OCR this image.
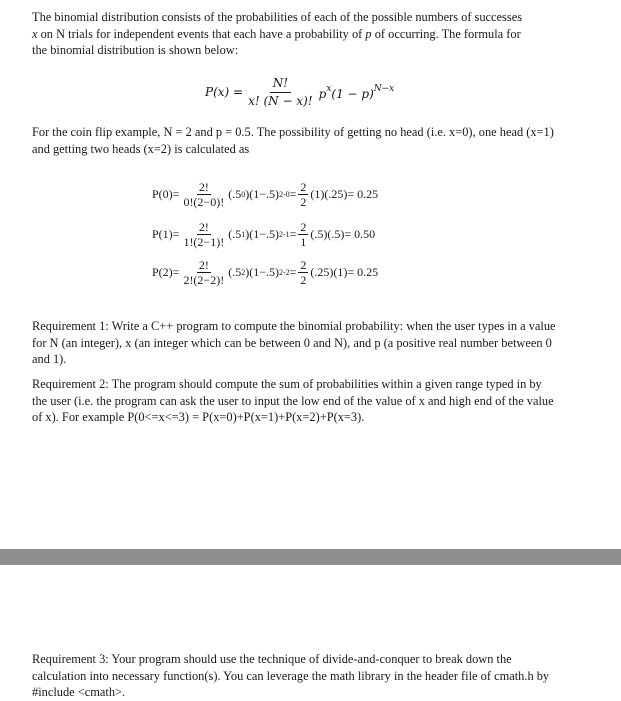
The binomial distribution consists of the probabilities of each of the possible numbers of successes
x on N trials for independent events that each have a probability of p of occurring. The formula for
the binomial distribution is shown below:

$P(x) = \frac{N!}{x! (N - x)!} p^x(1 - p)^{N-x}$

For the coin flip example, N = 2 and p = 0.5. The possibility of getting no head (i.e. x=0), one head (x=1)
and getting two heads (x=2) is calculated as

$P(0)= \frac{2!}{0!(2-0)!} (.5$ 0 )(1−.5) $2-0 = \frac{2}{2} (1)(.25)= 0.25$
$P(1)= \frac{2!}{1!(2-1)!} (.5$ 1 )(1−.5) $2-1 = \frac{2}{1} (.5)(.5)= 0.50$
$P(2)= \frac{2!}{2!(2-2)!} (.5$ 2 )(1−.5) $2-2 = \frac{2}{2} (.25)(1)= 0.25$

Requirement 1: Write a C++ program to compute the binomial probability: when the user types in a value
for N (an integer), x (an integer which can be between 0 and N), and p (a positive real number between 0
and 1).

Requirement 2: The program should compute the sum of probabilities within a given range typed in by
the user (i.e. the program can ask the user to input the low end of the value of x and high end of the value
of x). For example P(0<=x<=3) = P(x=0)+P(x=1)+P(x=2)+P(x=3).

Requirement 3: Your program should use the technique of divide-and-conquer to break down the
calculation into necessary function(s). You can leverage the math library in the header file of cmath.h by
#include <cmath>.
